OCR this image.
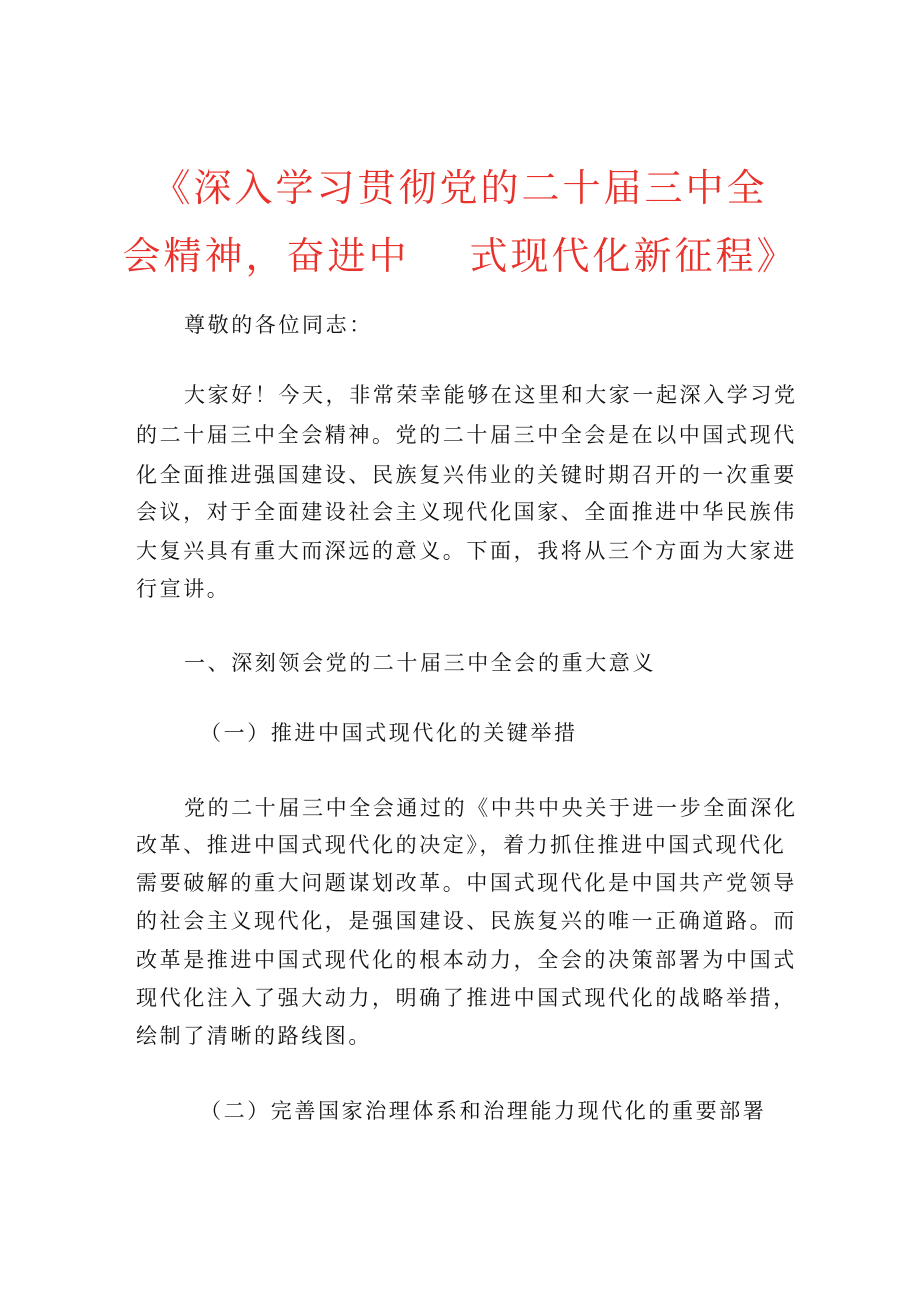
《深入学习贯彻党的二十届三中全
会精神，奋进中 式现代化新征程》
尊敬的各位同志：
大家好！今天，非常荣幸能够在这里和大家一起深入学习党
的二十届三中全会精神。党的二十届三中全会是在以中国式现代
化全面推进强国建设、民族复兴伟业的关键时期召开的一次重要
会议，对于全面建设社会主义现代化国家、全面推进中华民族伟
大复兴具有重大而深远的意义。下面，我将从三个方面为大家进
行宣讲。
一、深刻领会党的二十届三中全会的重大意义
（一）推进中国式现代化的关键举措
党的二十届三中全会通过的《中共中央关于进一步全面深化
改革、推进中国式现代化的决定》，着力抓住推进中国式现代化
需要破解的重大问题谋划改革。中国式现代化是中国共产党领导
的社会主义现代化，是强国建设、民族复兴的唯一正确道路。而
改革是推进中国式现代化的根本动力，全会的决策部署为中国式
现代化注入了强大动力，明确了推进中国式现代化的战略举措，
绘制了清晰的路线图。
（二）完善国家治理体系和治理能力现代化的重要部署
